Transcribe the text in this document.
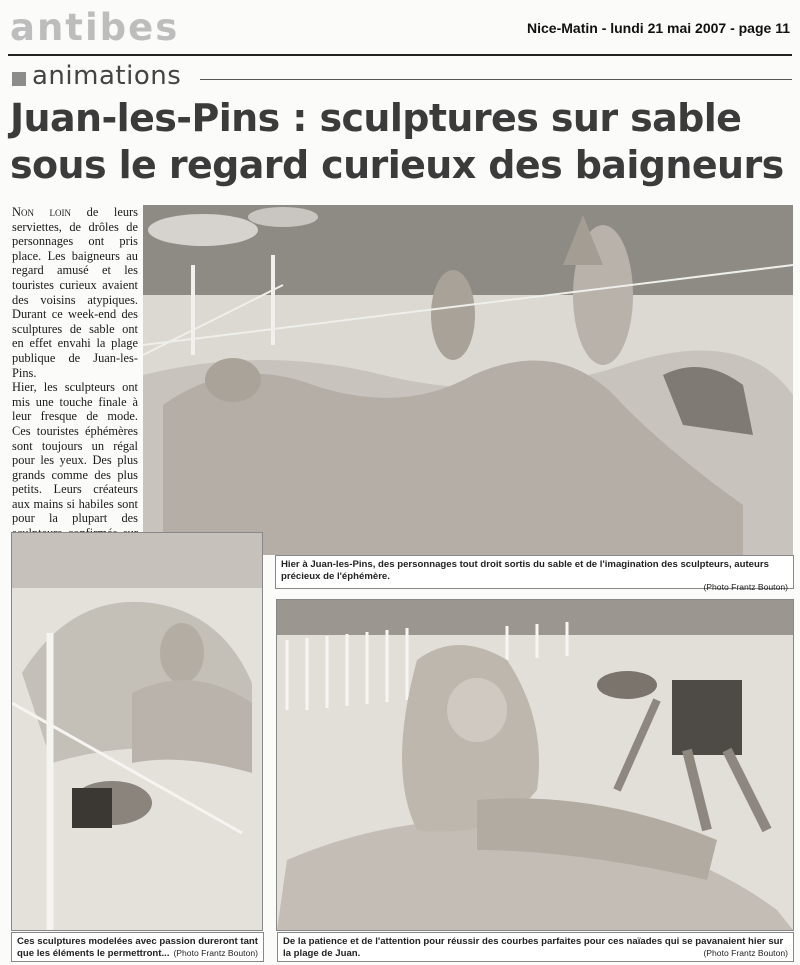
antibes	Nice-Matin - lundi 21 mai 2007 - page 11
animations
Juan-les-Pins : sculptures sur sable
sous le regard curieux des baigneurs

Non loin de leurs serviettes, de drôles de personnages ont pris place. Les baigneurs au regard amusé et les touristes curieux avaient des voisins atypiques. Durant ce week-end des sculptures de sable ont en effet envahi la plage publique de Juan-les-Pins.

Hier, les sculpteurs ont mis une touche finale à leur fresque de mode. Ces touristes éphémères sont toujours un régal pour les yeux. Des plus grands comme des plus petits. Leurs créateurs aux mains si habiles sont pour la plupart des

Hier à Juan-les-Pins, des personnages tout droit sortis du sable et de l'imagination des sculpteurs, auteurs précieux de l'éphémère.
(Photo Frantz Bouton)
Ces sculptures modelées avec passion dureront tant que les éléments le permettront... (Photo Frantz Bouton)
De la patience et de l'attention pour réussir des courbes parfaites pour ces naïades qui se pavanaient hier sur la plage de Juan.	(Photo Frantz Bouton)
